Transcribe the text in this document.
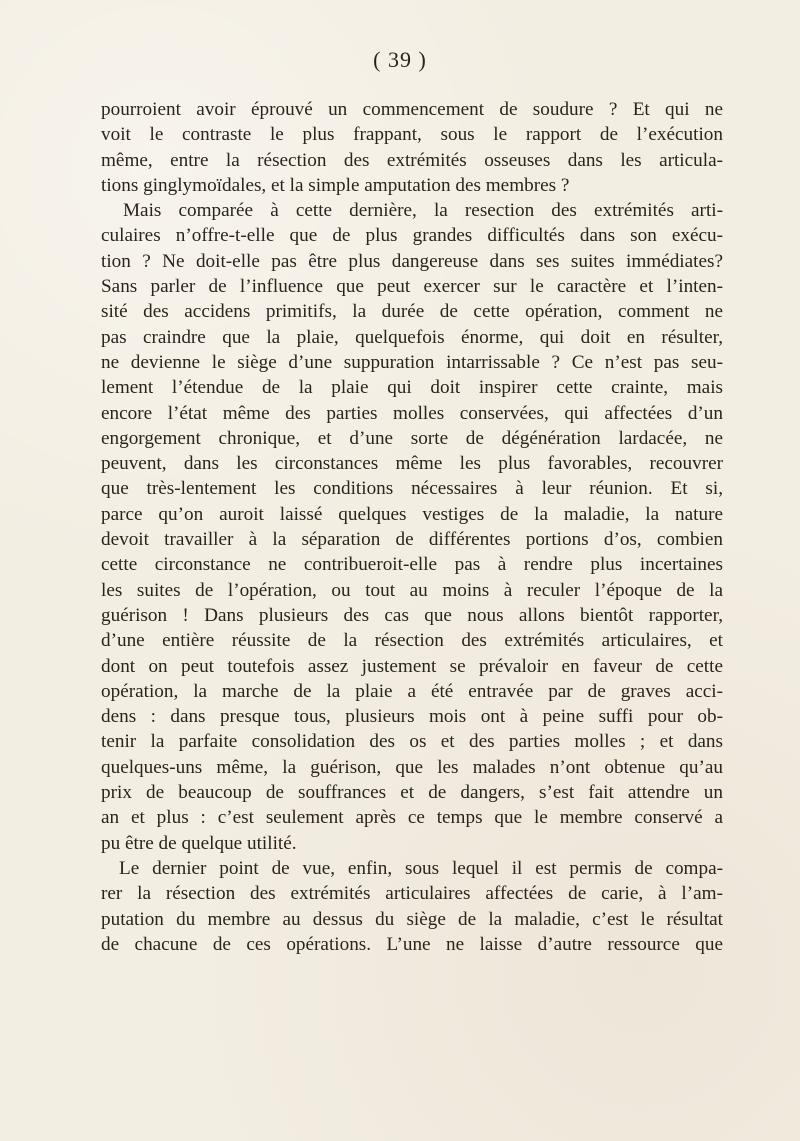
( 39 )
pourroient avoir éprouvé un commencement de soudure ? Et qui ne
voit le contraste le plus frappant, sous le rapport de l’exécution
même, entre la résection des extrémités osseuses dans les articula-
tions ginglymoïdales, et la simple amputation des membres ?
Mais comparée à cette dernière, la resection des extrémités arti-
culaires n’offre-t-elle que de plus grandes difficultés dans son exécu-
tion ? Ne doit-elle pas être plus dangereuse dans ses suites immédiates?
Sans parler de l’influence que peut exercer sur le caractère et l’inten-
sité des accidens primitifs, la durée de cette opération, comment ne
pas craindre que la plaie, quelquefois énorme, qui doit en résulter,
ne devienne le siège d’une suppuration intarrissable ? Ce n’est pas seu-
lement l’étendue de la plaie qui doit inspirer cette crainte, mais
encore l’état même des parties molles conservées, qui affectées d’un
engorgement chronique, et d’une sorte de dégénération lardacée, ne
peuvent, dans les circonstances même les plus favorables, recouvrer
que très-lentement les conditions nécessaires à leur réunion. Et si,
parce qu’on auroit laissé quelques vestiges de la maladie, la nature
devoit travailler à la séparation de différentes portions d’os, combien
cette circonstance ne contribueroit-elle pas à rendre plus incertaines
les suites de l’opération, ou tout au moins à reculer l’époque de la
guérison ! Dans plusieurs des cas que nous allons bientôt rapporter,
d’une entière réussite de la résection des extrémités articulaires, et
dont on peut toutefois assez justement se prévaloir en faveur de cette
opération, la marche de la plaie a été entravée par de graves acci-
dens : dans presque tous, plusieurs mois ont à peine suffi pour ob-
tenir la parfaite consolidation des os et des parties molles ; et dans
quelques-uns même, la guérison, que les malades n’ont obtenue qu’au
prix de beaucoup de souffrances et de dangers, s’est fait attendre un
an et plus : c’est seulement après ce temps que le membre conservé a
pu être de quelque utilité.
Le dernier point de vue, enfin, sous lequel il est permis de compa-
rer la résection des extrémités articulaires affectées de carie, à l’am-
putation du membre au dessus du siège de la maladie, c’est le résultat
de chacune de ces opérations. L’une ne laisse d’autre ressource que
